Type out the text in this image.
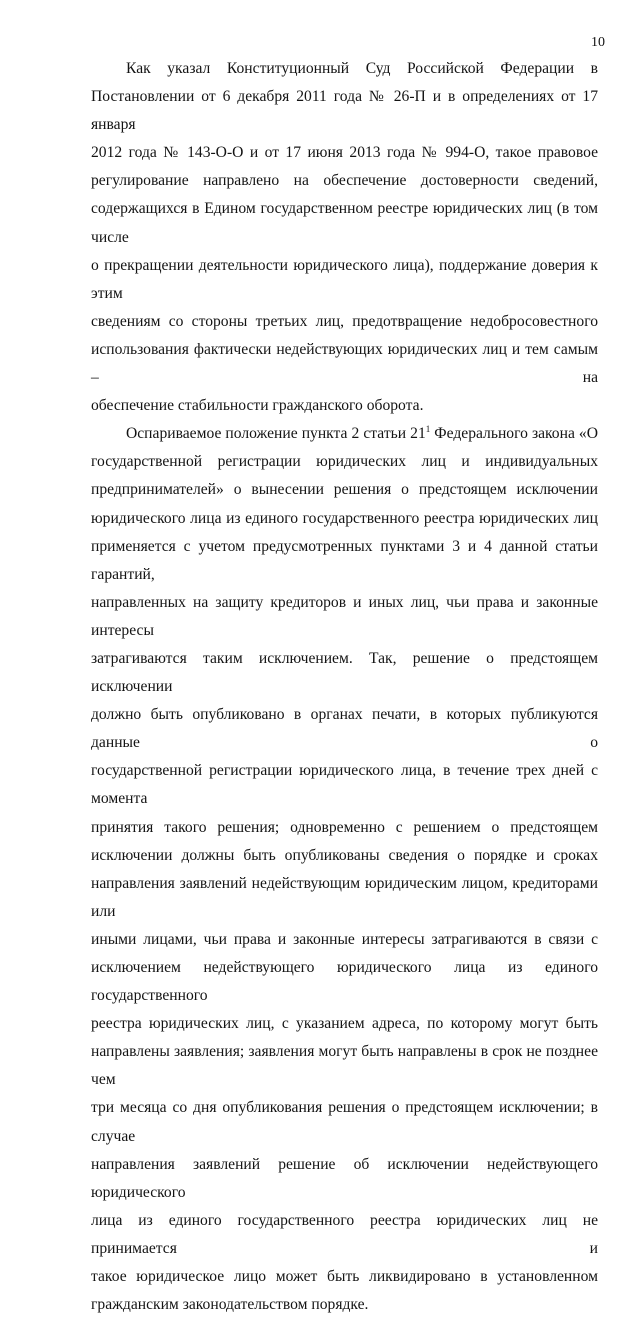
10
Как указал Конституционный Суд Российской Федерации в
Постановлении от 6 декабря 2011 года № 26-П и в определениях от 17 января
2012 года № 143-О-О и от 17 июня 2013 года № 994-О, такое правовое
регулирование направлено на обеспечение достоверности сведений,
содержащихся в Едином государственном реестре юридических лиц (в том числе
о прекращении деятельности юридического лица), поддержание доверия к этим
сведениям со стороны третьих лиц, предотвращение недобросовестного
использования фактически недействующих юридических лиц и тем самым – на
обеспечение стабильности гражданского оборота.
Оспариваемое положение пункта 2 статьи $21^1$ Федерального закона «О
государственной регистрации юридических лиц и индивидуальных
предпринимателей» о вынесении решения о предстоящем исключении
юридического лица из единого государственного реестра юридических лиц
применяется с учетом предусмотренных пунктами 3 и 4 данной статьи гарантий,
направленных на защиту кредиторов и иных лиц, чьи права и законные интересы
затрагиваются таким исключением. Так, решение о предстоящем исключении
должно быть опубликовано в органах печати, в которых публикуются данные о
государственной регистрации юридического лица, в течение трех дней с момента
принятия такого решения; одновременно с решением о предстоящем
исключении должны быть опубликованы сведения о порядке и сроках
направления заявлений недействующим юридическим лицом, кредиторами или
иными лицами, чьи права и законные интересы затрагиваются в связи с
исключением недействующего юридического лица из единого государственного
реестра юридических лиц, с указанием адреса, по которому могут быть
направлены заявления; заявления могут быть направлены в срок не позднее чем
три месяца со дня опубликования решения о предстоящем исключении; в случае
направления заявлений решение об исключении недействующего юридического
лица из единого государственного реестра юридических лиц не принимается и
такое юридическое лицо может быть ликвидировано в установленном
гражданским законодательством порядке.
